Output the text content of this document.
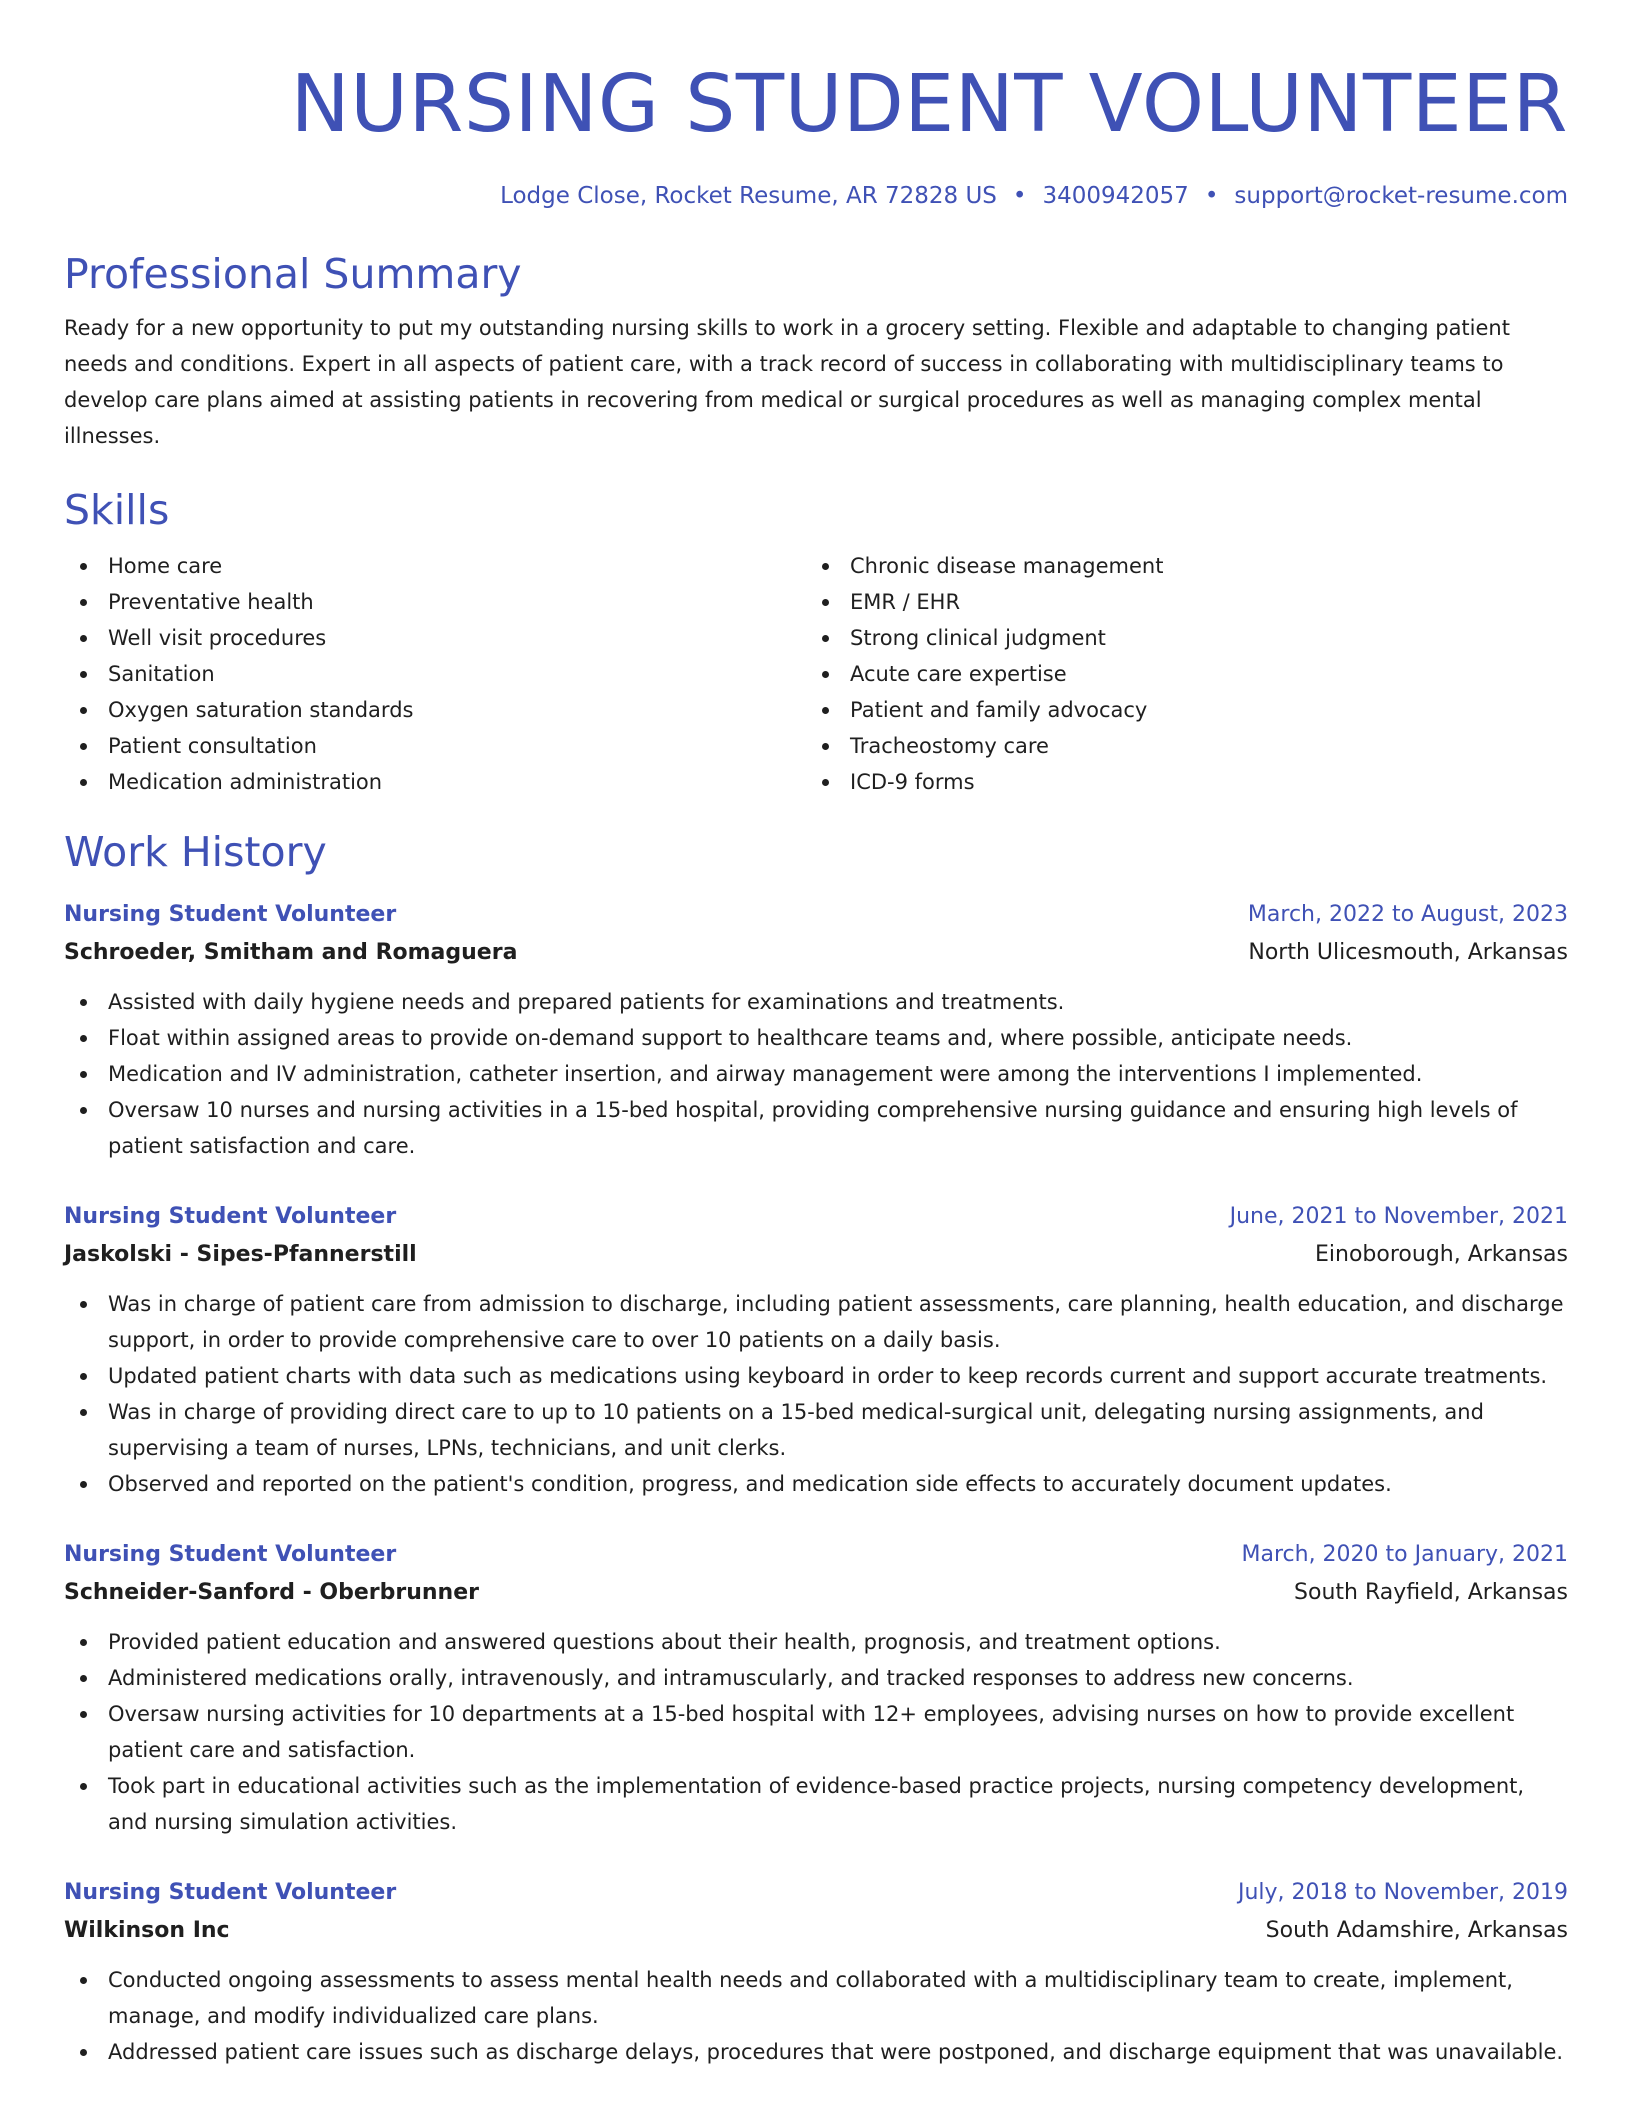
NURSING STUDENT VOLUNTEER
Lodge Close, Rocket Resume, AR 72828 US • 3400942057 • support@rocket-resume.com
Professional Summary
Ready for a new opportunity to put my outstanding nursing skills to work in a grocery setting. Flexible and adaptable to changing patient needs and conditions. Expert in all aspects of patient care, with a track record of success in collaborating with multidisciplinary teams to develop care plans aimed at assisting patients in recovering from medical or surgical procedures as well as managing complex mental illnesses.
Skills
Home care
Preventative health
Well visit procedures
Sanitation
Oxygen saturation standards
Patient consultation
Medication administration
Chronic disease management
EMR / EHR
Strong clinical judgment
Acute care expertise
Patient and family advocacy
Tracheostomy care
ICD-9 forms
Work History
Nursing Student Volunteer	March, 2022 to August, 2023
Schroeder, Smitham and Romaguera	North Ulicesmouth, Arkansas
Assisted with daily hygiene needs and prepared patients for examinations and treatments.
Float within assigned areas to provide on-demand support to healthcare teams and, where possible, anticipate needs.
Medication and IV administration, catheter insertion, and airway management were among the interventions I implemented.
Oversaw 10 nurses and nursing activities in a 15-bed hospital, providing comprehensive nursing guidance and ensuring high levels of patient satisfaction and care.
Nursing Student Volunteer	June, 2021 to November, 2021
Jaskolski - Sipes-Pfannerstill	Einoborough, Arkansas
Was in charge of patient care from admission to discharge, including patient assessments, care planning, health education, and discharge support, in order to provide comprehensive care to over 10 patients on a daily basis.
Updated patient charts with data such as medications using keyboard in order to keep records current and support accurate treatments.
Was in charge of providing direct care to up to 10 patients on a 15-bed medical-surgical unit, delegating nursing assignments, and supervising a team of nurses, LPNs, technicians, and unit clerks.
Observed and reported on the patient's condition, progress, and medication side effects to accurately document updates.
Nursing Student Volunteer	March, 2020 to January, 2021
Schneider-Sanford - Oberbrunner	South Rayfield, Arkansas
Provided patient education and answered questions about their health, prognosis, and treatment options.
Administered medications orally, intravenously, and intramuscularly, and tracked responses to address new concerns.
Oversaw nursing activities for 10 departments at a 15-bed hospital with 12+ employees, advising nurses on how to provide excellent patient care and satisfaction.
Took part in educational activities such as the implementation of evidence-based practice projects, nursing competency development, and nursing simulation activities.
Nursing Student Volunteer	July, 2018 to November, 2019
Wilkinson Inc	South Adamshire, Arkansas
Conducted ongoing assessments to assess mental health needs and collaborated with a multidisciplinary team to create, implement, manage, and modify individualized care plans.
Addressed patient care issues such as discharge delays, procedures that were postponed, and discharge equipment that was unavailable.
